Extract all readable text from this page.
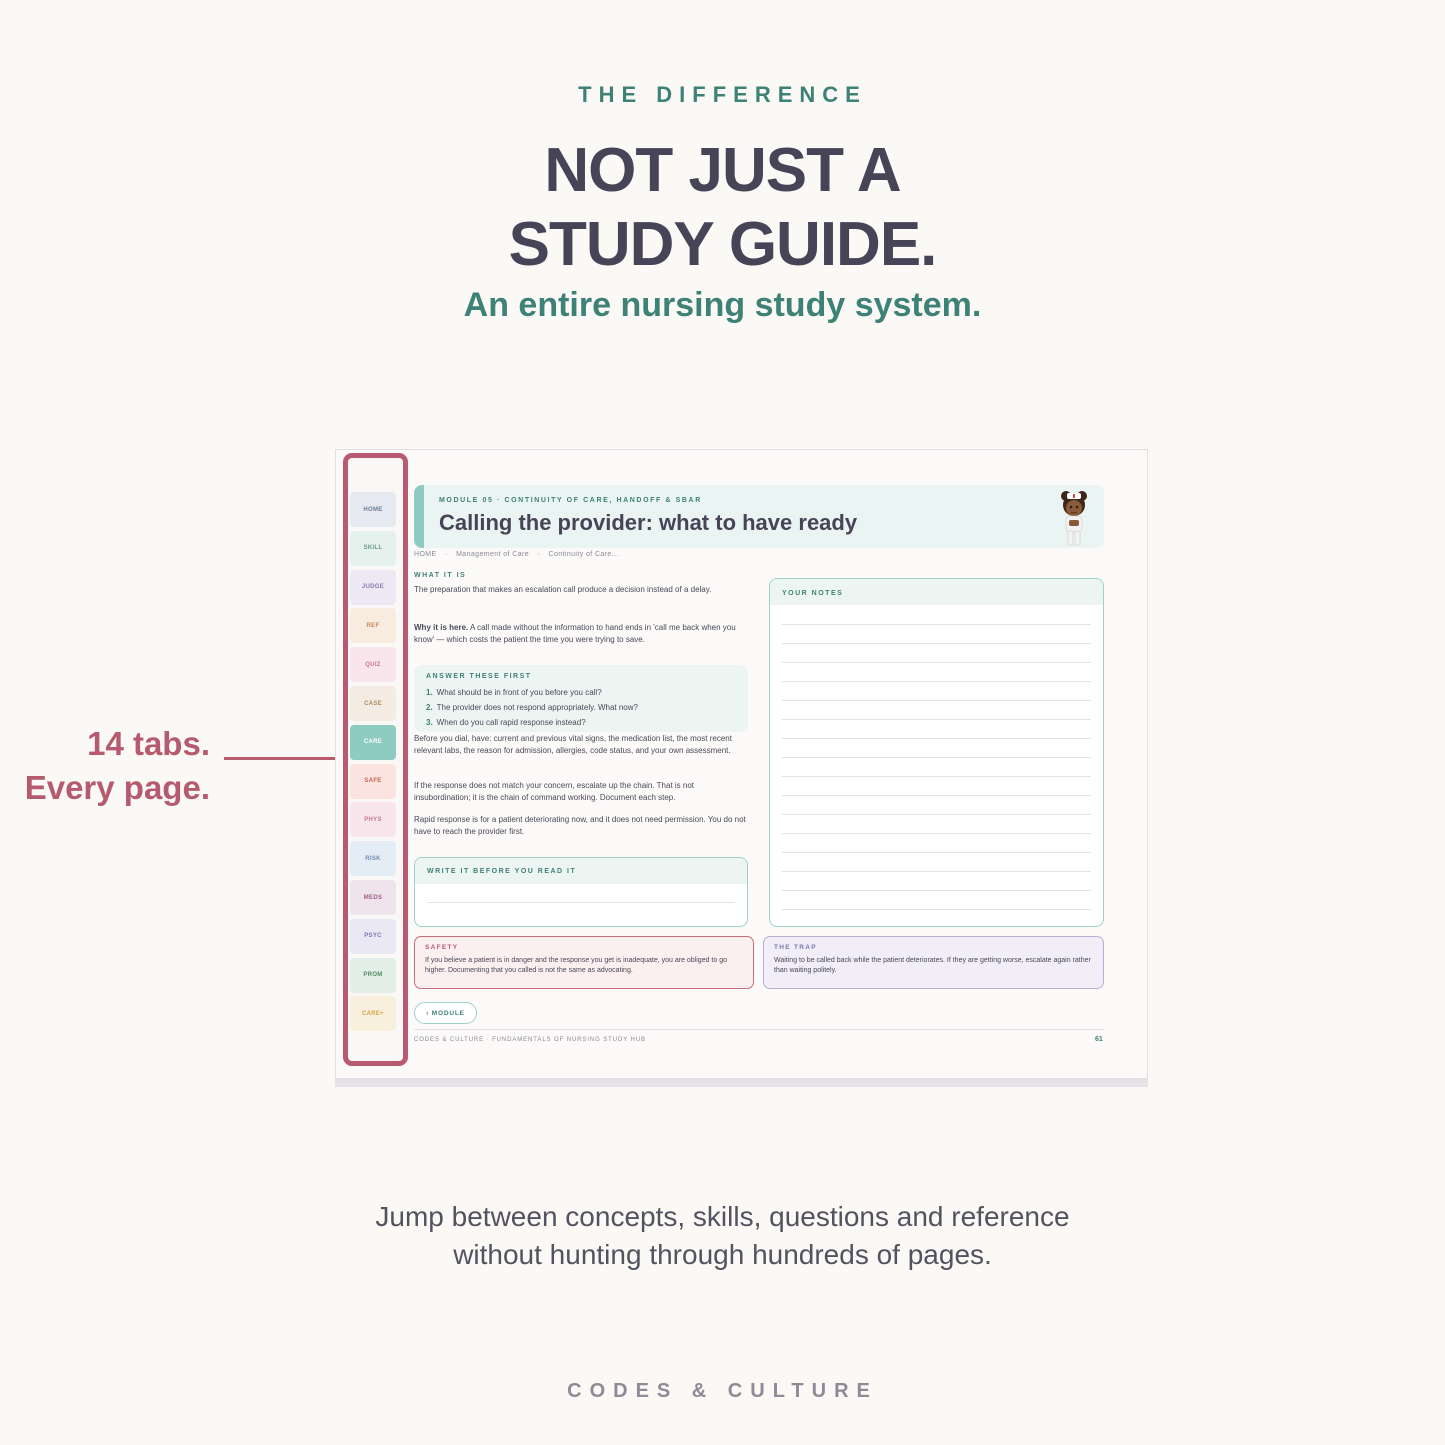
THE DIFFERENCE
NOT JUST A
STUDY GUIDE.
An entire nursing study system.
14 tabs.
Every page.
HOME
SKILL
JUDGE
REF
QUIZ
CASE
CARE
SAFE
PHYS
RISK
MEDS
PSYC
PROM
CARE+
MODULE 05 · CONTINUITY OF CARE, HANDOFF & SBAR
Calling the provider: what to have ready
HOME · Management of Care · Continuity of Care...
WHAT IT IS
The preparation that makes an escalation call produce a decision instead of a delay.
Why it is here. A call made without the information to hand ends in 'call me back when you know' — which costs the patient the time you were trying to save.
ANSWER THESE FIRST
1. What should be in front of you before you call?
2. The provider does not respond appropriately. What now?
3. When do you call rapid response instead?
Before you dial, have: current and previous vital signs, the medication list, the most recent relevant labs, the reason for admission, allergies, code status, and your own assessment.
If the response does not match your concern, escalate up the chain. That is not insubordination; it is the chain of command working. Document each step.
Rapid response is for a patient deteriorating now, and it does not need permission. You do not have to reach the provider first.
WRITE IT BEFORE YOU READ IT
YOUR NOTES
SAFETY
If you believe a patient is in danger and the response you get is inadequate, you are obliged to go higher. Documenting that you called is not the same as advocating.
THE TRAP
Waiting to be called back while the patient deteriorates. If they are getting worse, escalate again rather than waiting politely.
‹ MODULE
CODES & CULTURE · FUNDAMENTALS OF NURSING STUDY HUB	61
Jump between concepts, skills, questions and reference
without hunting through hundreds of pages.
CODES & CULTURE
